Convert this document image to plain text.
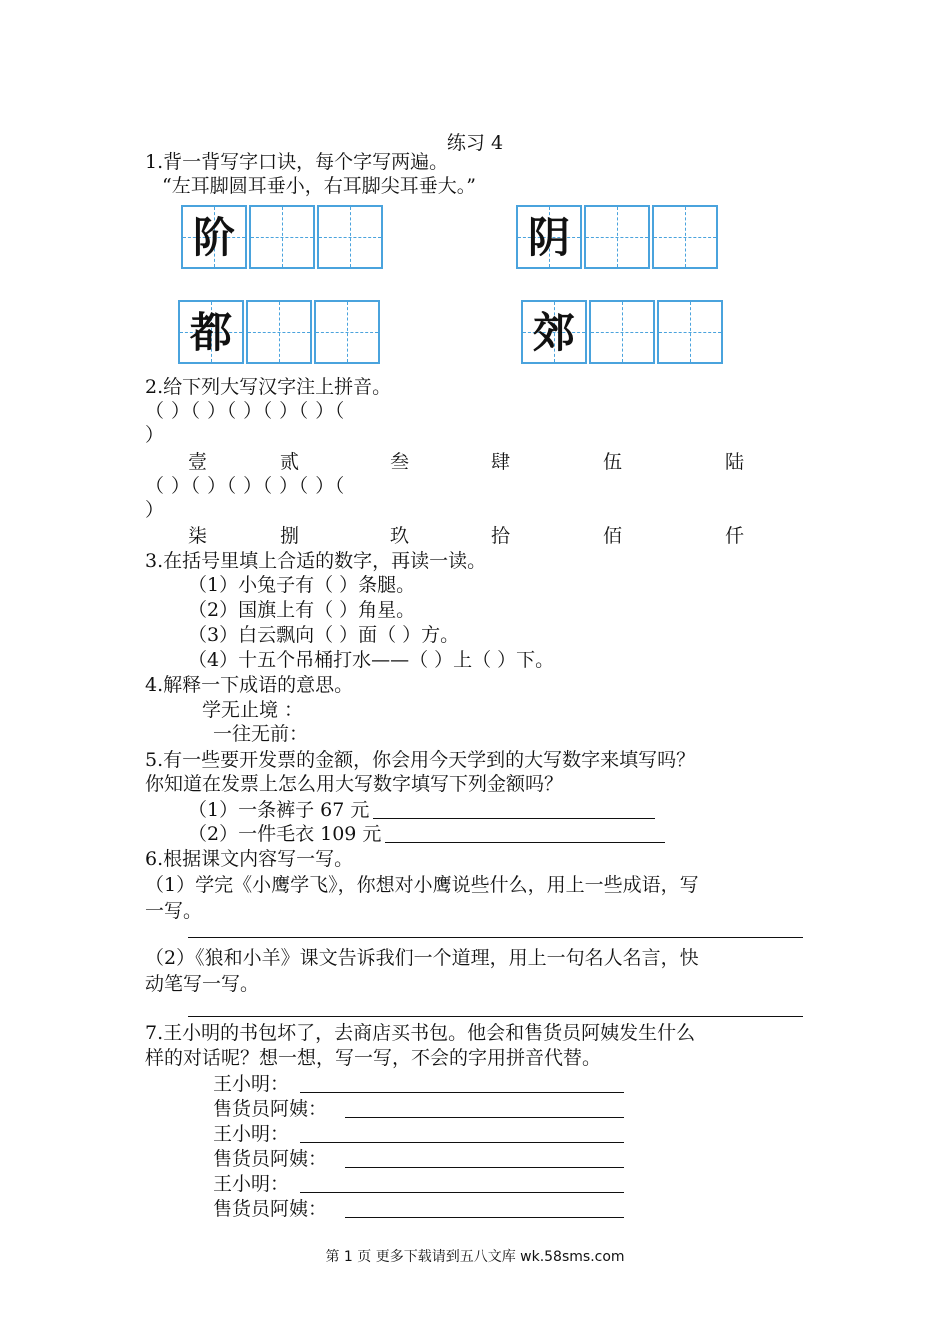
练习 4
1.背一背写字口诀，每个字写两遍。
“左耳脚圆耳垂小，右耳脚尖耳垂大。”
阶	阴
都	郊
2.给下列大写汉字注上拼音。
（ ）（ ）（ ）（ ）（ ）（
）
壹	贰	叁	肆	伍	陆
（ ）（ ）（ ）（ ）（ ）（
）
柒	捌	玖	拾	佰	仟
3.在括号里填上合适的数字，再读一读。
（1）小兔子有（ ）条腿。
（2）国旗上有（ ）角星。
（3）白云飘向（ ）面（ ）方。
（4）十五个吊桶打水——（ ）上（ ）下。
4.解释一下成语的意思。
学无止境 ：
一往无前：
5.有一些要开发票的金额，你会用今天学到的大写数字来填写吗？
你知道在发票上怎么用大写数字填写下列金额吗？
（1）一条裤子 67 元
（2）一件毛衣 109 元
6.根据课文内容写一写。
（1）学完《小鹰学飞》，你想对小鹰说些什么，用上一些成语，写
一写。
（2）《狼和小羊》课文告诉我们一个道理，用上一句名人名言，快
动笔写一写。
7.王小明的书包坏了，去商店买书包。他会和售货员阿姨发生什么
样的对话呢？想一想，写一写，不会的字用拼音代替。
王小明：
售货员阿姨：
王小明：
售货员阿姨：
王小明：
售货员阿姨：
第 1 页 更多下载请到五八文库 wk.58sms.com
